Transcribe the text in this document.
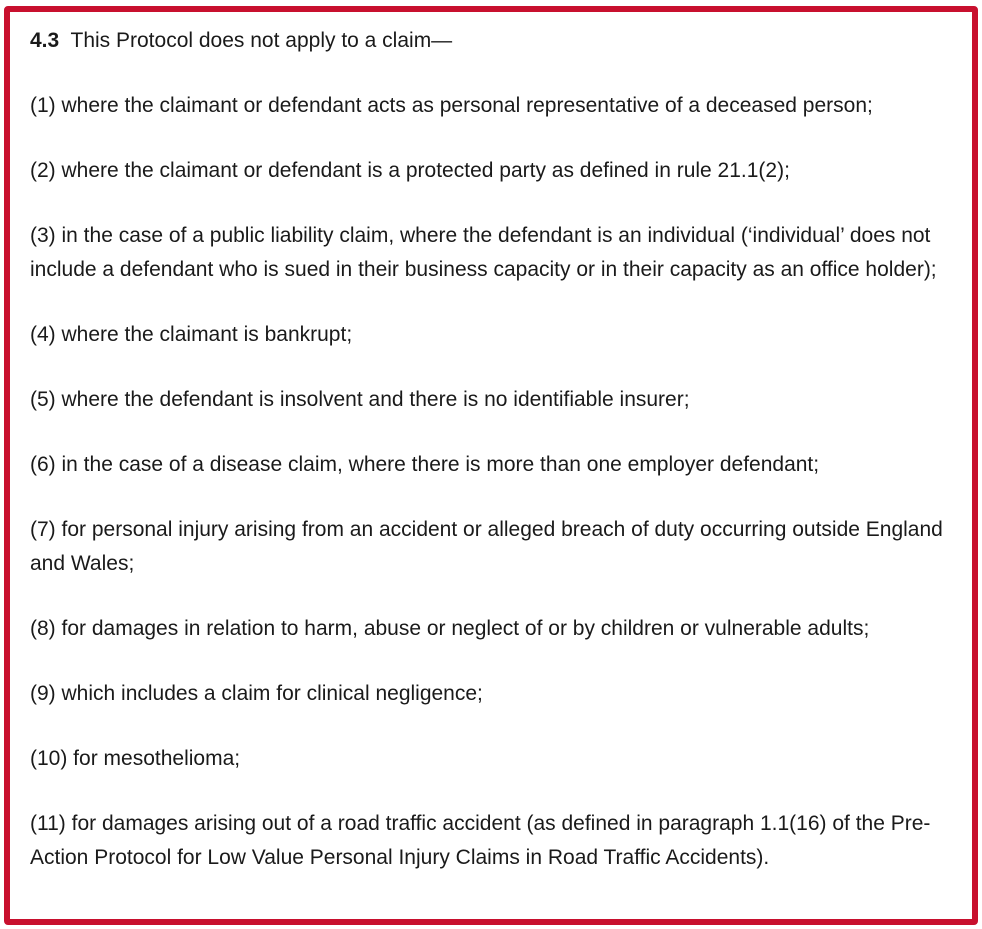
4.3 This Protocol does not apply to a claim—

(1) where the claimant or defendant acts as personal representative of a deceased person;

(2) where the claimant or defendant is a protected party as defined in rule 21.1(2);

(3) in the case of a public liability claim, where the defendant is an individual (‘individual’ does not include a defendant who is sued in their business capacity or in their capacity as an office holder);

(4) where the claimant is bankrupt;

(5) where the defendant is insolvent and there is no identifiable insurer;

(6) in the case of a disease claim, where there is more than one employer defendant;

(7) for personal injury arising from an accident or alleged breach of duty occurring outside England and Wales;

(8) for damages in relation to harm, abuse or neglect of or by children or vulnerable adults;

(9) which includes a claim for clinical negligence;

(10) for mesothelioma;

(11) for damages arising out of a road traffic accident (as defined in paragraph 1.1(16) of the Pre-Action Protocol for Low Value Personal Injury Claims in Road Traffic Accidents).
